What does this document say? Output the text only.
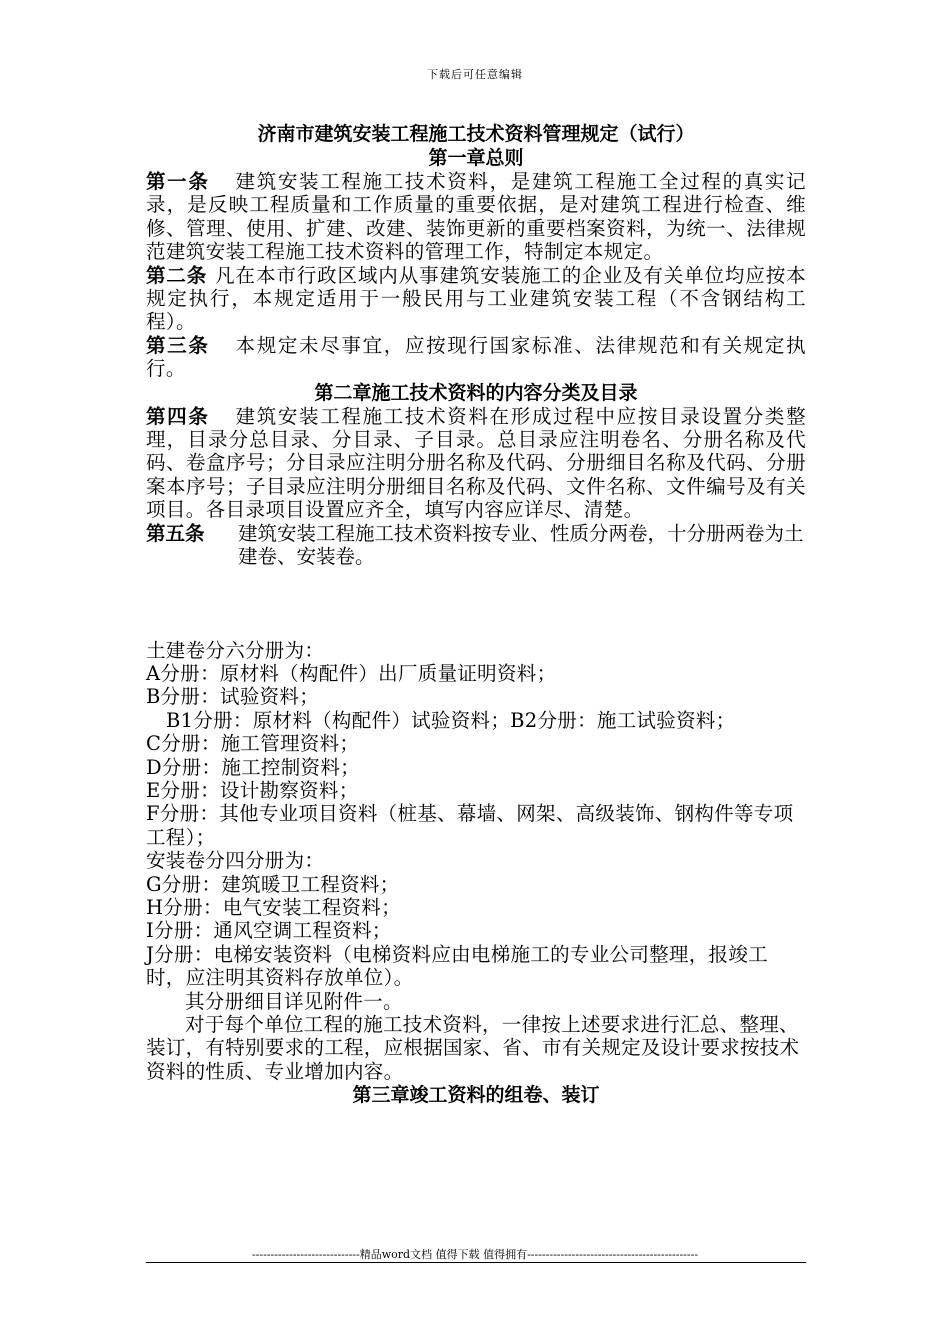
下载后可任意编辑

济南市建筑安装工程施工技术资料管理规定（试行）

第一章总则

第一条 建筑安装工程施工技术资料，是建筑工程施工全过程的真实记录，是反映工程质量和工作质量的重要依据，是对建筑工程进行检查、维修、管理、使用、扩建、改建、装饰更新的重要档案资料，为统一、法律规范建筑安装工程施工技术资料的管理工作，特制定本规定。

第二条 凡在本市行政区域内从事建筑安装施工的企业及有关单位均应按本规定执行，本规定适用于一般民用与工业建筑安装工程（不含钢结构工程）。

第三条 本规定未尽事宜，应按现行国家标准、法律规范和有关规定执行。

第二章施工技术资料的内容分类及目录

第四条 建筑安装工程施工技术资料在形成过程中应按目录设置分类整理，目录分总目录、分目录、子目录。总目录应注明卷名、分册名称及代码、卷盒序号；分目录应注明分册名称及代码、分册细目名称及代码、分册案本序号；子目录应注明分册细目名称及代码、文件名称、文件编号及有关项目。各目录项目设置应齐全，填写内容应详尽、清楚。

第五条	建筑安装工程施工技术资料按专业、性质分两卷，十分册两卷为土建卷、安装卷。

土建卷分六分册为：

A分册：原材料（构配件）出厂质量证明资料；

B分册：试验资料；

B1分册：原材料（构配件）试验资料；B2分册：施工试验资料；

C分册：施工管理资料；

D分册：施工控制资料；

E分册：设计勘察资料；

F分册：其他专业项目资料（桩基、幕墙、网架、高级装饰、钢构件等专项工程）；

安装卷分四分册为：

G分册：建筑暖卫工程资料；

H分册：电气安装工程资料；

I分册：通风空调工程资料；

J分册：电梯安装资料（电梯资料应由电梯施工的专业公司整理，报竣工时，应注明其资料存放单位）。

其分册细目详见附件一。

对于每个单位工程的施工技术资料，一律按上述要求进行汇总、整理、装订，有特别要求的工程，应根据国家、省、市有关规定及设计要求按技术资料的性质、专业增加内容。

第三章竣工资料的组卷、装订

-----------------------------精品word文档 值得下载 值得拥有----------------------------------------------
